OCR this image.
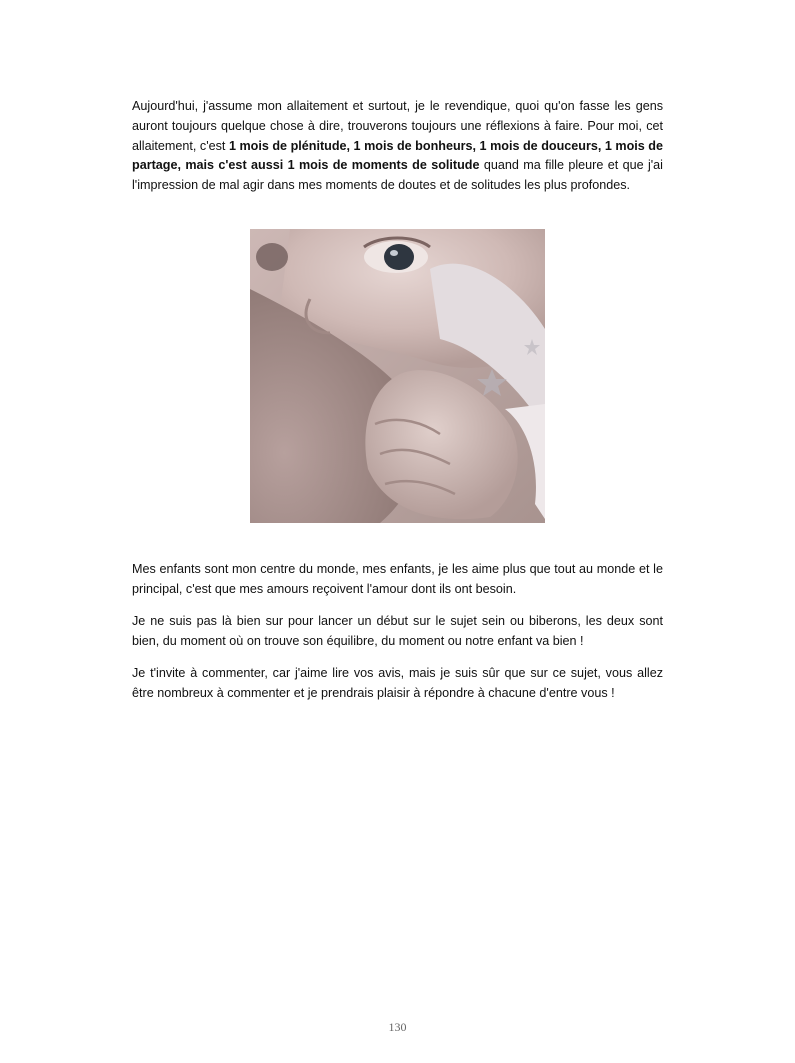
Aujourd'hui, j'assume mon allaitement et surtout, je le revendique, quoi qu'on fasse les gens auront toujours quelque chose à dire, trouverons toujours une réflexions à faire. Pour moi, cet allaitement, c'est 1 mois de plénitude, 1 mois de bonheurs, 1 mois de douceurs, 1 mois de partage, mais c'est aussi 1 mois de moments de solitude quand ma fille pleure et que j'ai l'impression de mal agir dans mes moments de doutes et de solitudes les plus profondes.

Mes enfants sont mon centre du monde, mes enfants, je les aime plus que tout au monde et le principal, c'est que mes amours reçoivent l'amour dont ils ont besoin.

Je ne suis pas là bien sur pour lancer un début sur le sujet sein ou biberons, les deux sont bien, du moment où on trouve son équilibre, du moment ou notre enfant va bien !

Je t'invite à commenter, car j'aime lire vos avis, mais je suis sûr que sur ce sujet, vous allez être nombreux à commenter et je prendrais plaisir à répondre à chacune d'entre vous !

130
